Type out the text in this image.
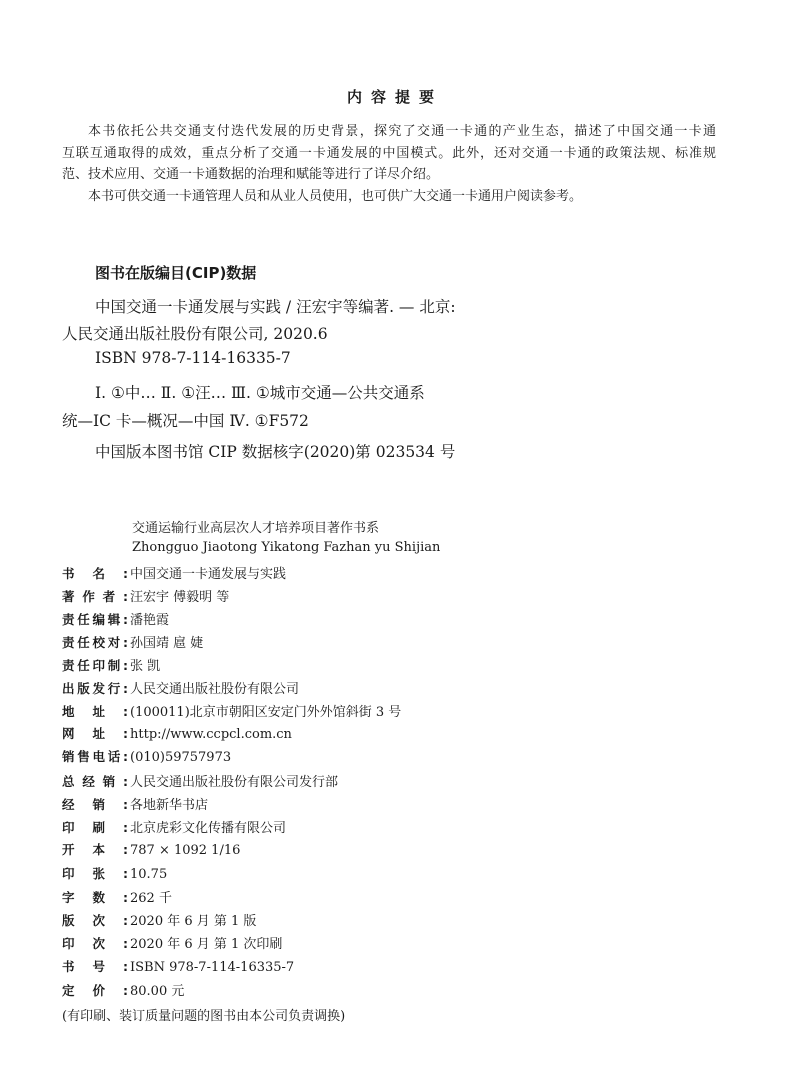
内容提要
本书依托公共交通支付迭代发展的历史背景，探究了交通一卡通的产业生态，描述了中国交通一卡通
互联互通取得的成效，重点分析了交通一卡通发展的中国模式。此外，还对交通一卡通的政策法规、标准规
范、技术应用、交通一卡通数据的治理和赋能等进行了详尽介绍。
本书可供交通一卡通管理人员和从业人员使用，也可供广大交通一卡通用户阅读参考。
图书在版编目(CIP)数据
中国交通一卡通发展与实践 / 汪宏宇等编著. — 北京:
人民交通出版社股份有限公司, 2020.6
ISBN 978-7-114-16335-7
Ⅰ. ①中… Ⅱ. ①汪… Ⅲ. ①城市交通—公共交通系
统—IC 卡—概况—中国 Ⅳ. ①F572
中国版本图书馆 CIP 数据核字(2020)第 023534 号
交通运输行业高层次人才培养项目著作书系
Zhongguo Jiaotong Yikatong Fazhan yu Shijian
书名: 中国交通一卡通发展与实践
著作者: 汪宏宇 傅毅明 等
责任编辑: 潘艳霞
责任校对: 孙国靖 扈 婕
责任印制: 张 凯
出版发行: 人民交通出版社股份有限公司
地址: (100011)北京市朝阳区安定门外外馆斜街 3 号
网址: http://www.ccpcl.com.cn
销售电话: (010)59757973
总经销: 人民交通出版社股份有限公司发行部
经销: 各地新华书店
印刷: 北京虎彩文化传播有限公司
开本: 787 × 1092 1/16
印张: 10.75
字数: 262 千
版次: 2020 年 6 月 第 1 版
印次: 2020 年 6 月 第 1 次印刷
书号: ISBN 978-7-114-16335-7
定价: 80.00 元
(有印刷、装订质量问题的图书由本公司负责调换)
